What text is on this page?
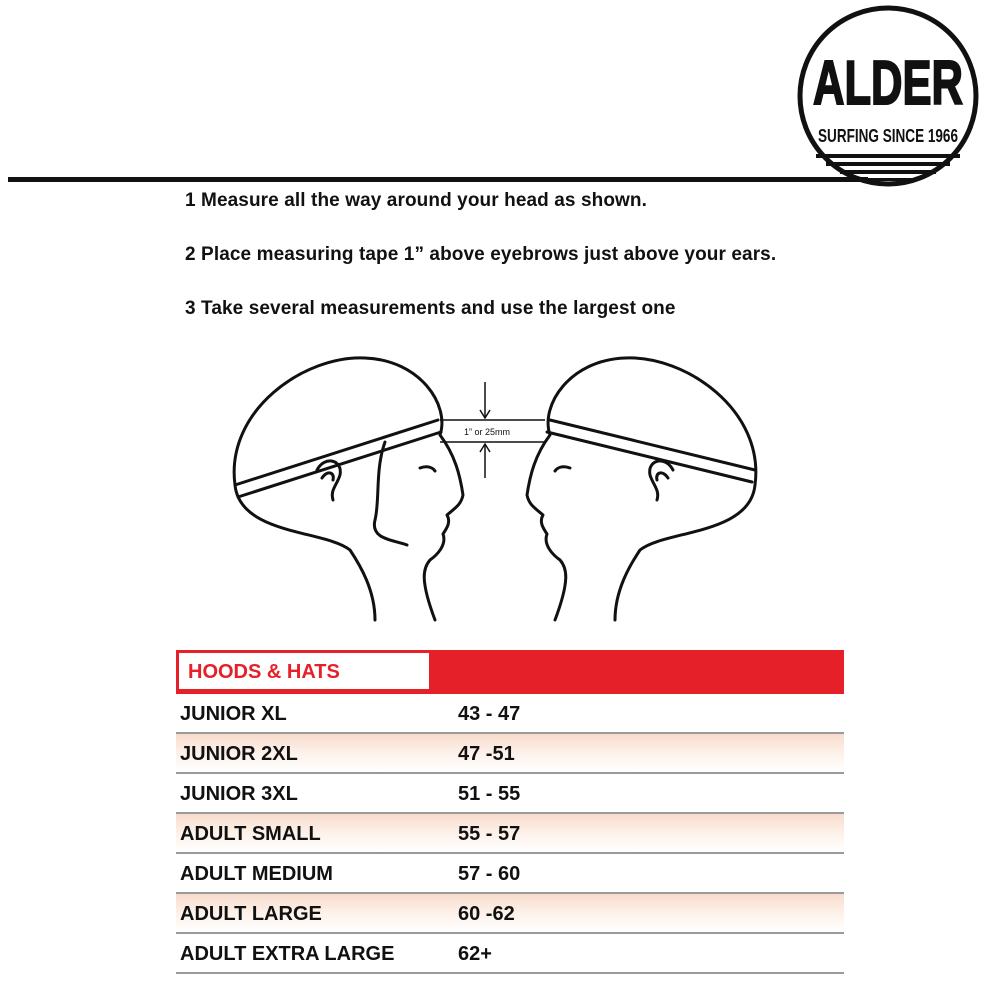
ALDER
SURFING SINCE 1966

1 Measure all the way around your head as shown.

2 Place measuring tape 1” above eyebrows just above your ears.

3 Take several measurements and use the largest one

1” or 25mm
HOODS & HATS
JUNIOR XL	43 - 47
JUNIOR 2XL	47 -51
JUNIOR 3XL	51 - 55
ADULT SMALL	55 - 57
ADULT MEDIUM	57 - 60
ADULT LARGE	60 -62
ADULT EXTRA LARGE	62+
